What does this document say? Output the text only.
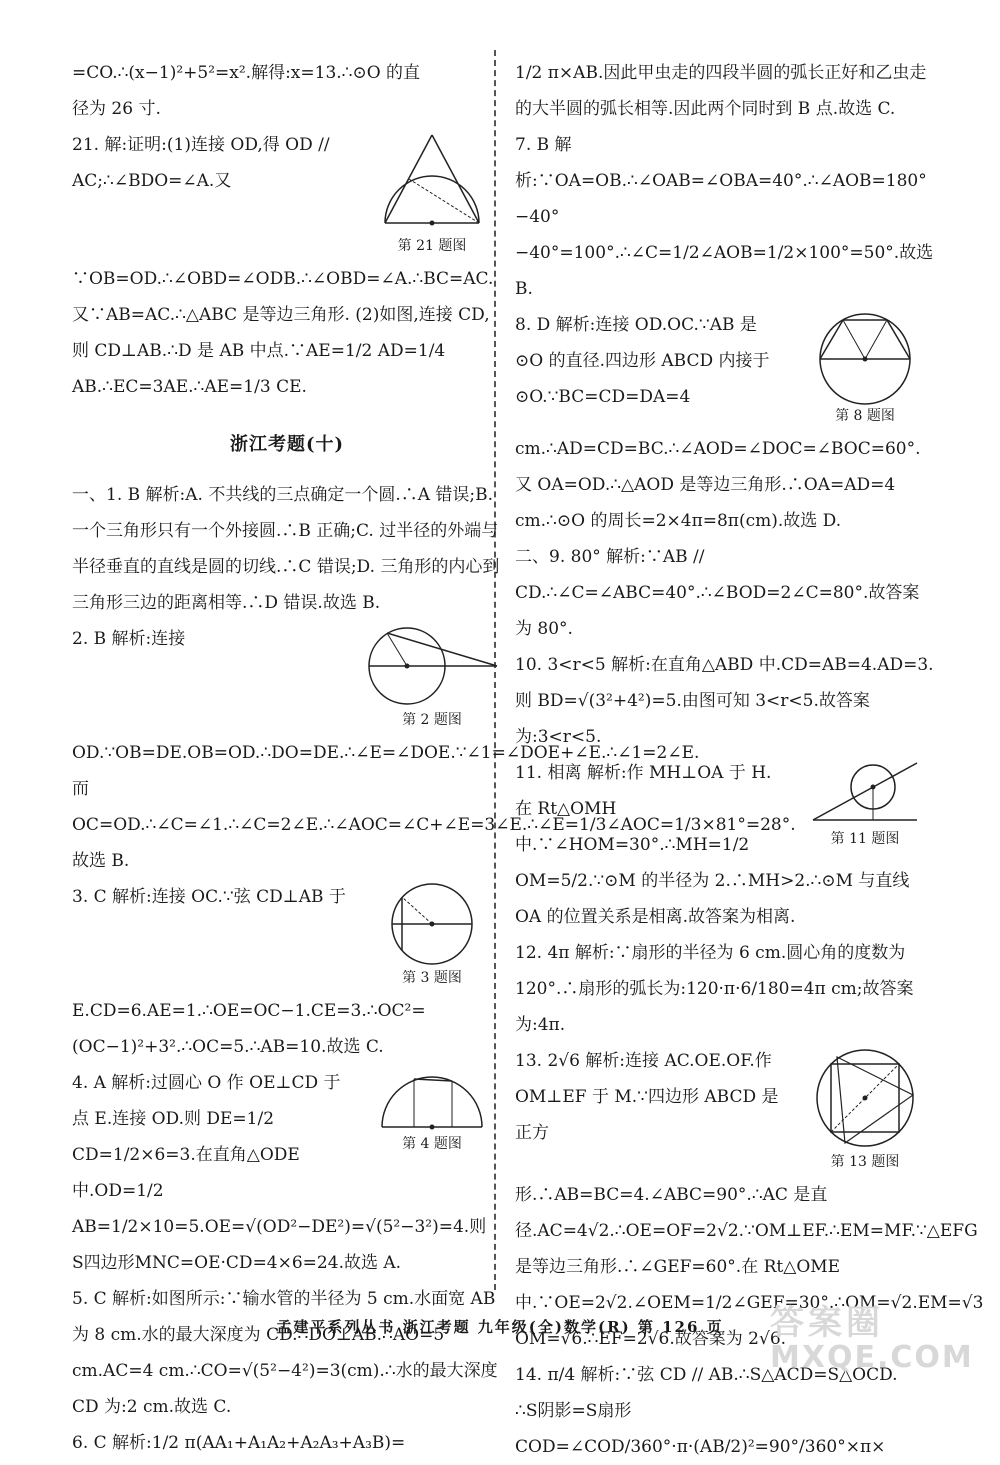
=CO.∴(x−1)²+5²=x².解得:x=13.∴⊙O 的直

径为 26 寸.

第 21 题图

21. 解:证明:(1)连接 OD,得 OD // AC;∴∠BDO=∠A.又∵OB=OD.∴∠OBD=∠ODB.∴∠OBD=∠A.∴BC=AC.又∵AB=AC.∴△ABC 是等边三角形. (2)如图,连接 CD,则 CD⊥AB.∴D 是 AB 中点.∵AE=1/2 AD=1/4 AB.∴EC=3AE.∴AE=1/3 CE.

浙江考题(十)

一、1. B 解析:A. 不共线的三点确定一个圆.∴A 错误;B. 一个三角形只有一个外接圆.∴B 正确;C. 过半径的外端与半径垂直的直线是圆的切线.∴C 错误;D. 三角形的内心到三角形三边的距离相等.∴D 错误.故选 B.

第 2 题图

2. B 解析:连接 OD.∵OB=DE.OB=OD.∴DO=DE.∴∠E=∠DOE.∵∠1=∠DOE+∠E.∴∠1=2∠E.而 OC=OD.∴∠C=∠1.∴∠C=2∠E.∴∠AOC=∠C+∠E=3∠E.∴∠E=1/3∠AOC=1/3×81°=28°.故选 B.

第 3 题图

3. C 解析:连接 OC.∵弦 CD⊥AB 于 E.CD=6.AE=1.∴OE=OC−1.CE=3.∴OC²=(OC−1)²+3².∴OC=5.∴AB=10.故选 C.

第 4 题图

4. A 解析:过圆心 O 作 OE⊥CD 于点 E.连接 OD.则 DE=1/2 CD=1/2×6=3.在直角△ODE 中.OD=1/2 AB=1/2×10=5.OE=√(OD²−DE²)=√(5²−3²)=4.则 S四边形MNC=OE·CD=4×6=24.故选 A.

5. C 解析:如图所示:∵输水管的半径为 5 cm.水面宽 AB 为 8 cm.水的最大深度为 CD.∴DO⊥AB.∴AO=5 cm.AC=4 cm.∴CO=√(5²−4²)=3(cm).∴水的最大深度 CD 为:2 cm.故选 C.

6. C 解析:1/2 π(AA₁+A₁A₂+A₂A₃+A₃B)=

1/2 π×AB.因此甲虫走的四段半圆的弧长正好和乙虫走的大半圆的弧长相等.因此两个同时到 B 点.故选 C.

7. B 解析:∵OA=OB.∴∠OAB=∠OBA=40°.∴∠AOB=180°−40°−40°=100°.∴∠C=1/2∠AOB=1/2×100°=50°.故选 B.

第 8 题图

8. D 解析:连接 OD.OC.∵AB 是⊙O 的直径.四边形 ABCD 内接于⊙O.∵BC=CD=DA=4 cm.∴AD=CD=BC.∴∠AOD=∠DOC=∠BOC=60°.又 OA=OD.∴△AOD 是等边三角形.∴OA=AD=4 cm.∴⊙O 的周长=2×4π=8π(cm).故选 D.

二、9. 80° 解析:∵AB // CD.∴∠C=∠ABC=40°.∴∠BOD=2∠C=80°.故答案为 80°.

10. 3<r<5 解析:在直角△ABD 中.CD=AB=4.AD=3.则 BD=√(3²+4²)=5.由图可知 3<r<5.故答案为:3<r<5.

第 11 题图

11. 相离 解析:作 MH⊥OA 于 H.在 Rt△OMH 中.∵∠HOM=30°.∴MH=1/2 OM=5/2.∵⊙M 的半径为 2.∴MH>2.∴⊙M 与直线 OA 的位置关系是相离.故答案为相离.

12. 4π 解析:∵扇形的半径为 6 cm.圆心角的度数为 120°.∴扇形的弧长为:120·π·6/180=4π cm;故答案为:4π.

第 13 题图

13. 2√6 解析:连接 AC.OE.OF.作 OM⊥EF 于 M.∵四边形 ABCD 是正方形.∴AB=BC=4.∠ABC=90°.∴AC 是直径.AC=4√2.∴OE=OF=2√2.∵OM⊥EF.∴EM=MF.∵△EFG 是等边三角形.∴∠GEF=60°.在 Rt△OME 中.∵OE=2√2.∠OEM=1/2∠GEF=30°.∴OM=√2.EM=√3 OM=√6.∴EF=2√6.故答案为 2√6.

14. π/4 解析:∵弦 CD // AB.∴S△ACD=S△OCD.

∴S阴影=S扇形COD=∠COD/360°·π·(AB/2)²=90°/360°×π×

孟建平系列丛书 浙江考题 九年级(全)数学(R) 第 126 页	答案圈
MXQE.COM
